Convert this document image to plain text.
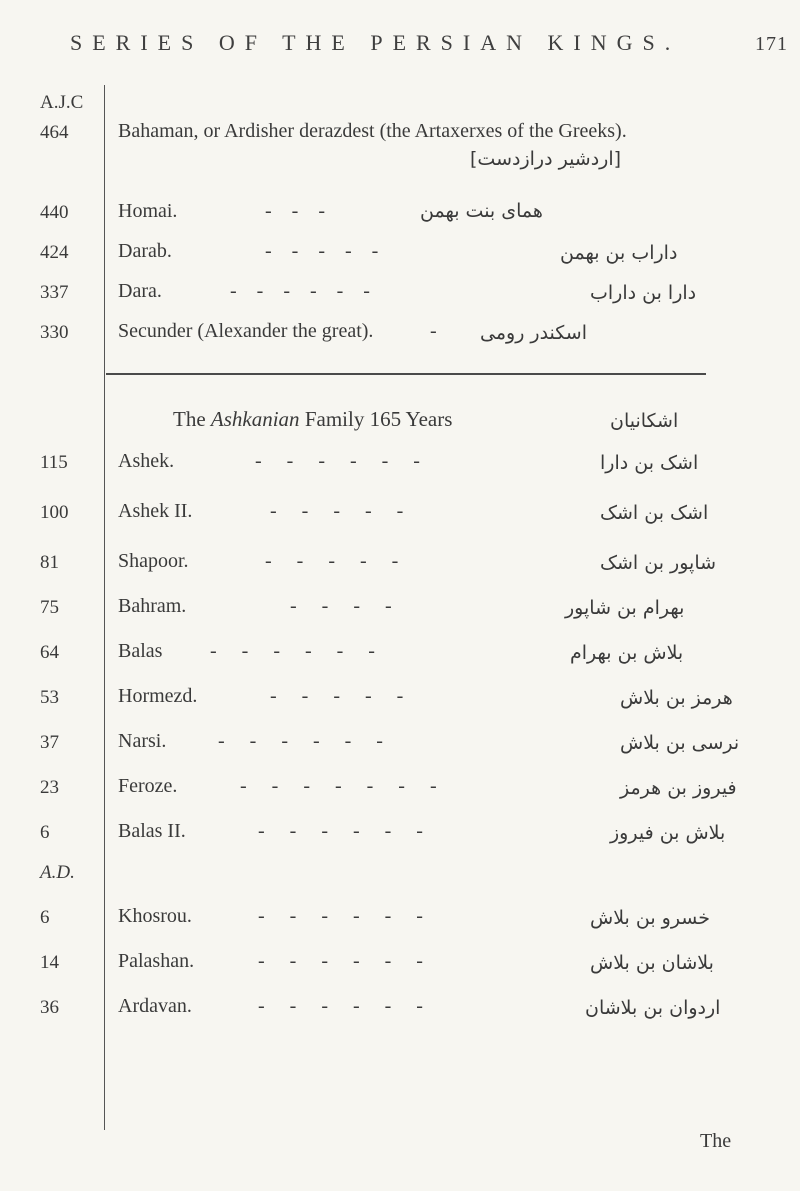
SERIES OF THE PERSIAN KINGS.	171
A.J.C
464	Bahaman, or Ardisher derazdest (the Artaxerxes of the Greeks).
[اردشیر درازدست]
440	Homai.	-    -    -	همای بنت بهمن
424	Darab.	-    -    -    -    -	داراب بن بهمن
337	Dara.	-    -    -    -    -    -	دارا بن داراب
330	Secunder (Alexander the great).	- اسکندر رومی
The Ashkanian Family 165 Years	اشکانیان
115	Ashek.	-     -     -     -     -     -	اشک بن دارا
100	Ashek II.	-     -     -     -     -	اشک بن اشک
81	Shapoor.	-     -     -     -     -	شاپور بن اشک
75	Bahram.	-     -     -     -	بهرام بن شاپور
64	Balas -     -     -     -     -     -	بلاش بن بهرام
53	Hormezd.	-     -     -     -     -	هرمز بن بلاش
37	Narsi.	-     -     -     -     -     -	نرسی بن بلاش
23	Feroze.	-     -     -     -     -     -     -	فیروز بن هرمز
6	Balas II.	-     -     -     -     -     -	بلاش بن فیروز
A.D.
6	Khosrou.	-     -     -     -     -     -	خسرو بن بلاش
14	Palashan.	-     -     -     -     -     -	بلاشان بن بلاش
36	Ardavan.	-     -     -     -     -     -	اردوان بن بلاشان
The
